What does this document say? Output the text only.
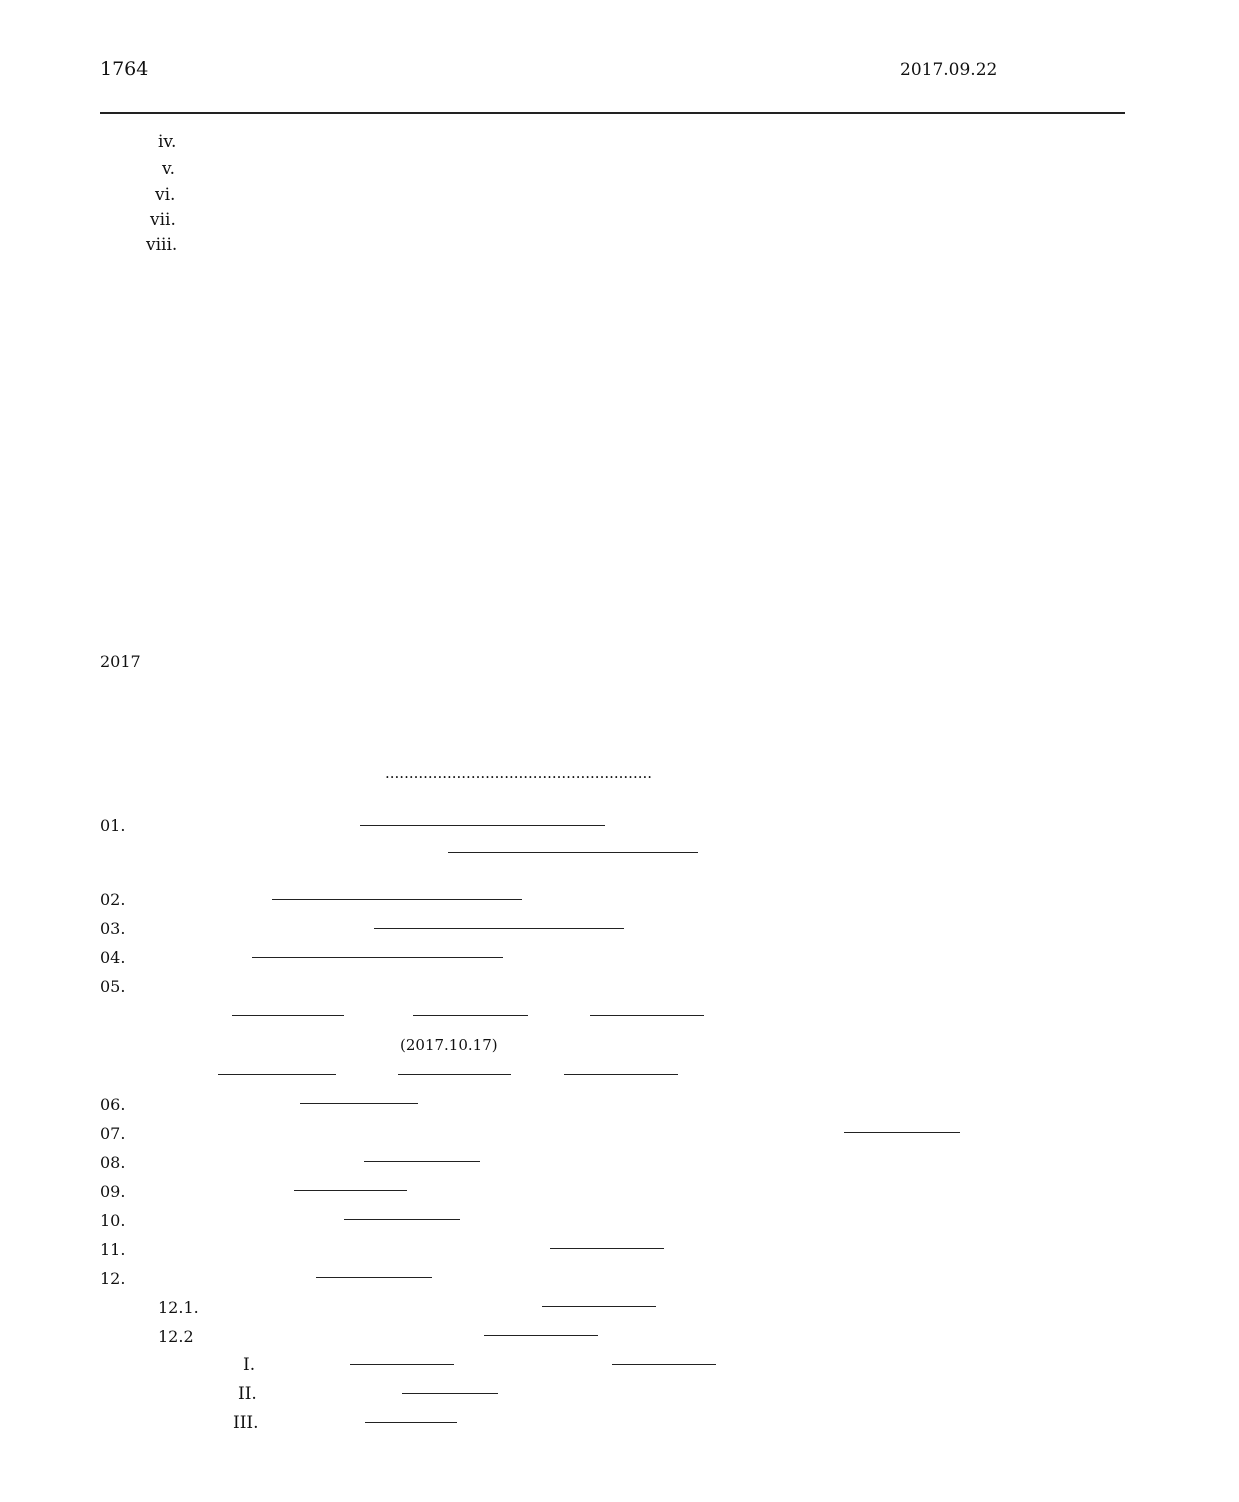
1764	2017.09.22
iv.
v.
vi.
vii.
viii.
2017
........................................................
01.
02.
03.
04.
05.
(2017.10.17)
06.
07.
08.
09.
10.
11.
12.
12.1.
12.2
I.
II.
III.
